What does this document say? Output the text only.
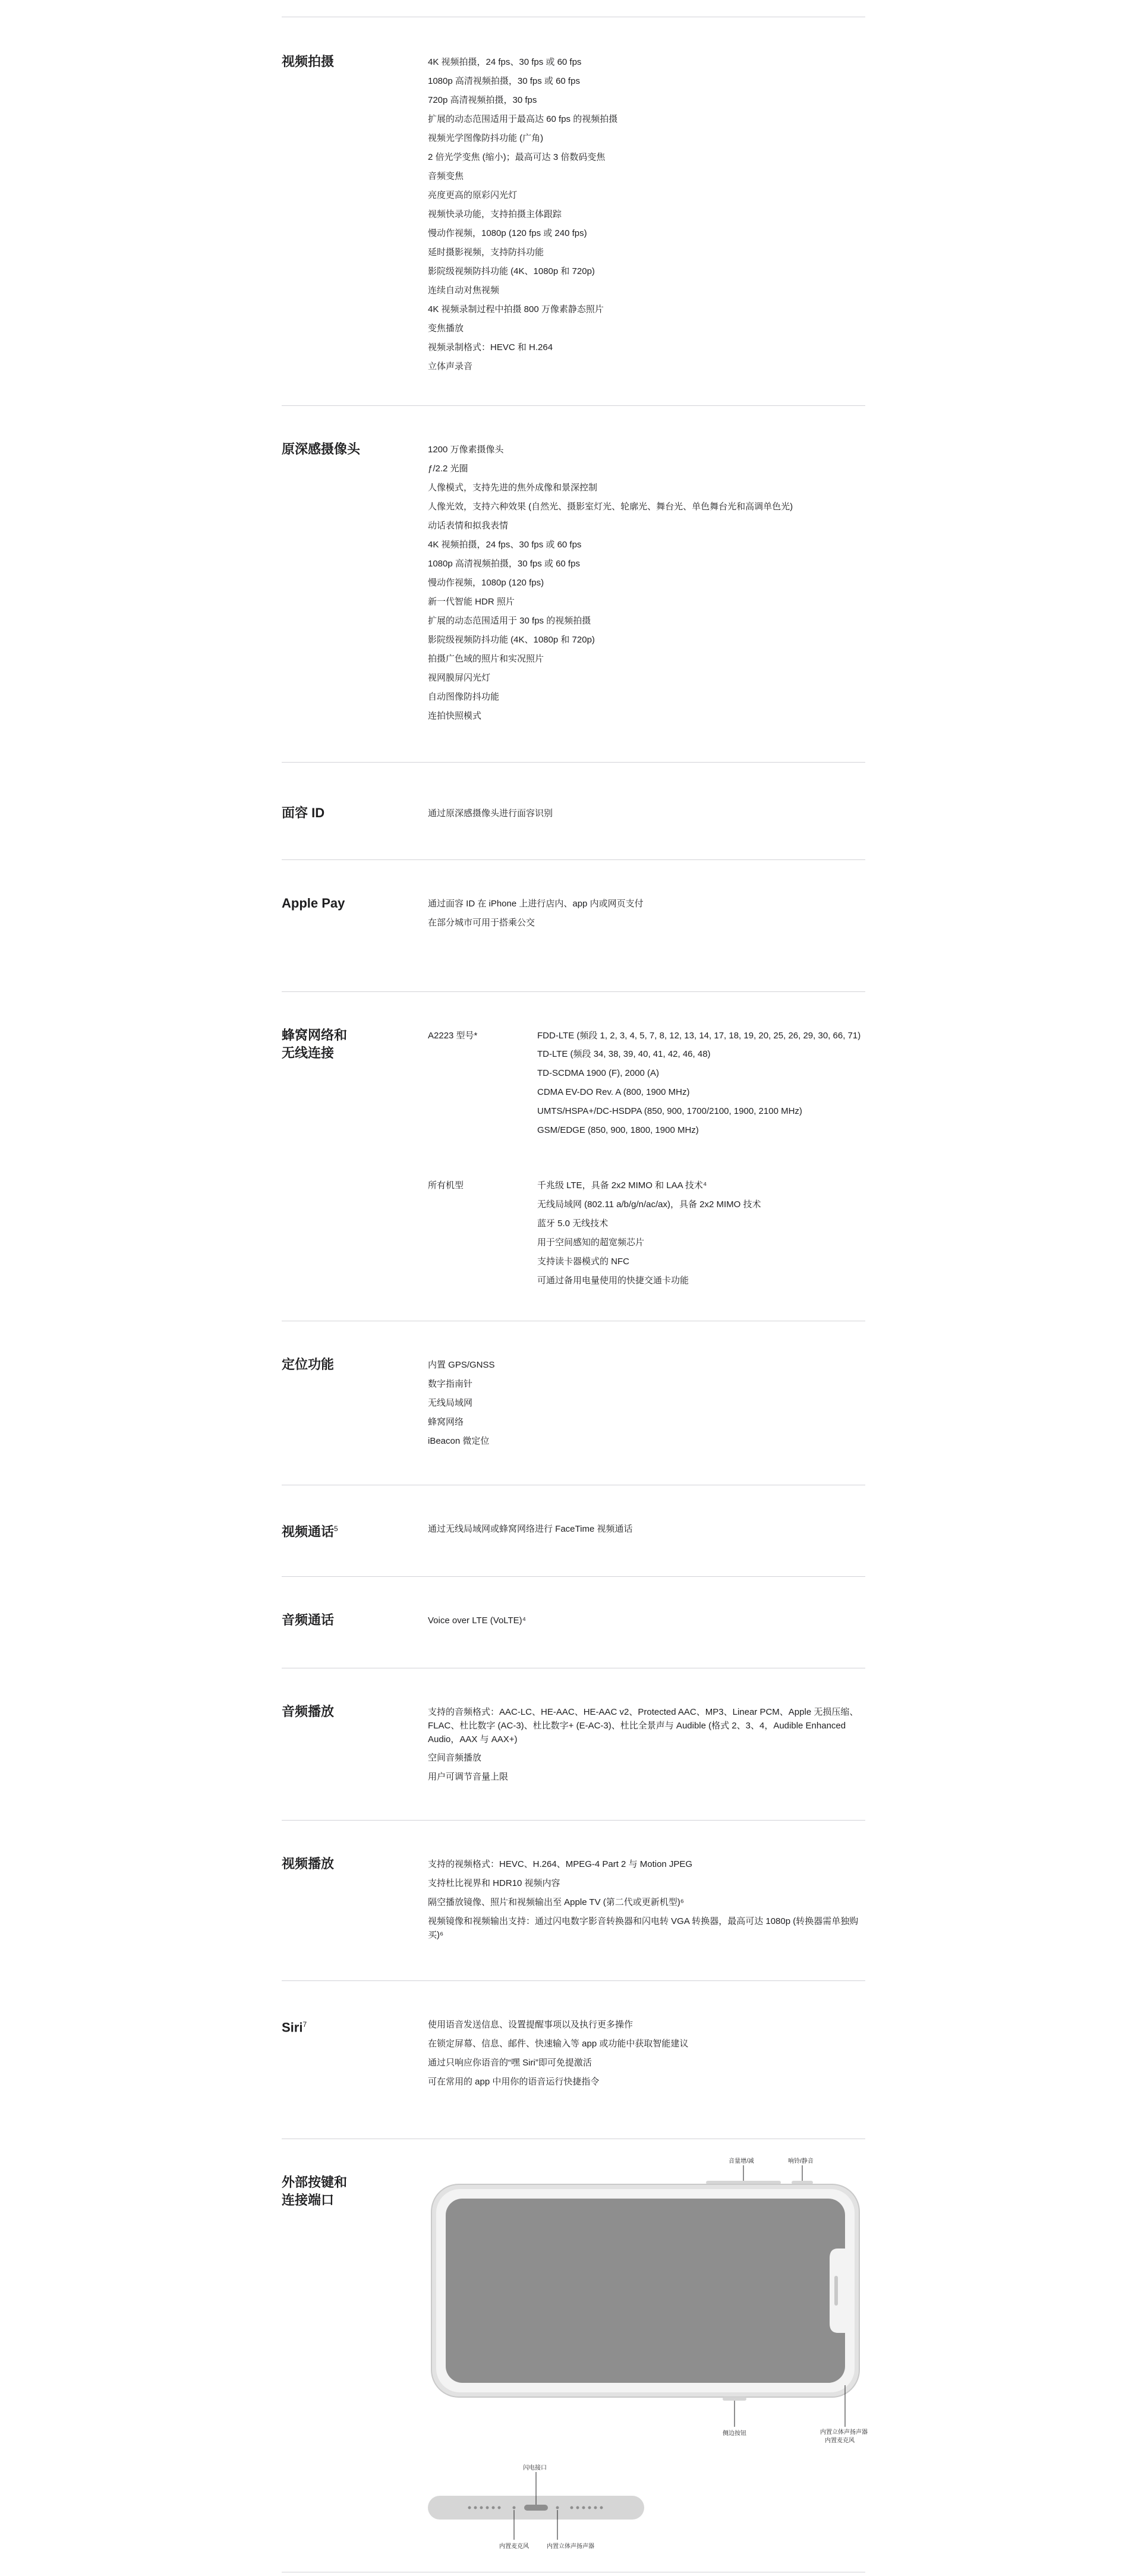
视频拍摄	4K 视频拍摄，24 fps、30 fps 或 60 fps
1080p 高清视频拍摄，30 fps 或 60 fps
720p 高清视频拍摄，30 fps
扩展的动态范围适用于最高达 60 fps 的视频拍摄
视频光学图像防抖功能 (广角)
2 倍光学变焦 (缩小)；最高可达 3 倍数码变焦
音频变焦
亮度更高的原彩闪光灯
视频快录功能，支持拍摄主体跟踪
慢动作视频，1080p (120 fps 或 240 fps)
延时摄影视频，支持防抖功能
影院级视频防抖功能 (4K、1080p 和 720p)
连续自动对焦视频
4K 视频录制过程中拍摄 800 万像素静态照片
变焦播放
视频录制格式：HEVC 和 H.264
立体声录音
原深感摄像头	1200 万像素摄像头
ƒ/2.2 光圈
人像模式，支持先进的焦外成像和景深控制
人像光效，支持六种效果 (自然光、摄影室灯光、轮廓光、舞台光、单色舞台光和高调单色光)
动话表情和拟我表情
4K 视频拍摄，24 fps、30 fps 或 60 fps
1080p 高清视频拍摄，30 fps 或 60 fps
慢动作视频，1080p (120 fps)
新一代智能 HDR 照片
扩展的动态范围适用于 30 fps 的视频拍摄
影院级视频防抖功能 (4K、1080p 和 720p)
拍摄广色域的照片和实况照片
视网膜屏闪光灯
自动图像防抖功能
连拍快照模式
面容 ID	通过原深感摄像头进行面容识别
Apple Pay	通过面容 ID 在 iPhone 上进行店内、app 内或网页支付
在部分城市可用于搭乘公交
蜂窝网络和
无线连接
A2223 型号*	FDD-LTE (频段 1, 2, 3, 4, 5, 7, 8, 12, 13, 14, 17, 18, 19, 20, 25, 26, 29, 30, 66, 71)
TD-LTE (频段 34, 38, 39, 40, 41, 42, 46, 48)
TD-SCDMA 1900 (F), 2000 (A)
CDMA EV-DO Rev. A (800, 1900 MHz)
UMTS/HSPA+/DC-HSDPA (850, 900, 1700/2100, 1900, 2100 MHz)
GSM/EDGE (850, 900, 1800, 1900 MHz)
所有机型	千兆级 LTE，具备 2x2 MIMO 和 LAA 技术⁴
无线局域网 (802.11 a/b/g/n/ac/ax)，具备 2x2 MIMO 技术
蓝牙 5.0 无线技术
用于空间感知的超宽频芯片
支持读卡器模式的 NFC
可通过备用电量使用的快捷交通卡功能
定位功能	内置 GPS/GNSS
数字指南针
无线局域网
蜂窝网络
iBeacon 微定位
视频通话$^5$	通过无线局域网或蜂窝网络进行 FaceTime 视频通话
音频通话	Voice over LTE (VoLTE)⁴
音频播放	支持的音频格式：AAC-LC、HE-AAC、HE-AAC v2、Protected AAC、MP3、Linear PCM、Apple 无损压缩、FLAC、杜比数字 (AC-3)、杜比数字+ (E-AC-3)、杜比全景声与 Audible (格式 2、3、4，Audible Enhanced Audio，AAX 与 AAX+)
空间音频播放
用户可调节音量上限
视频播放	支持的视频格式：HEVC、H.264、MPEG-4 Part 2 与 Motion JPEG
支持杜比视界和 HDR10 视频内容
隔空播放镜像、照片和视频输出至 Apple TV (第二代或更新机型)⁶
视频镜像和视频输出支持：通过闪电数字影音转换器和闪电转 VGA 转换器，最高可达 1080p (转换器需单独购买)⁶
Siri$^7$	使用语音发送信息、设置提醒事项以及执行更多操作
在锁定屏幕、信息、邮件、快速输入等 app 或功能中获取智能建议
通过只响应你语音的“嘿 Siri”即可免提激活
可在常用的 app 中用你的语音运行快捷指令
外部按键和
连接端口
音量增/减	响铃/静音
侧边按钮	内置立体声扬声器
内置麦克风
闪电接口
内置麦克风	内置立体声扬声器
